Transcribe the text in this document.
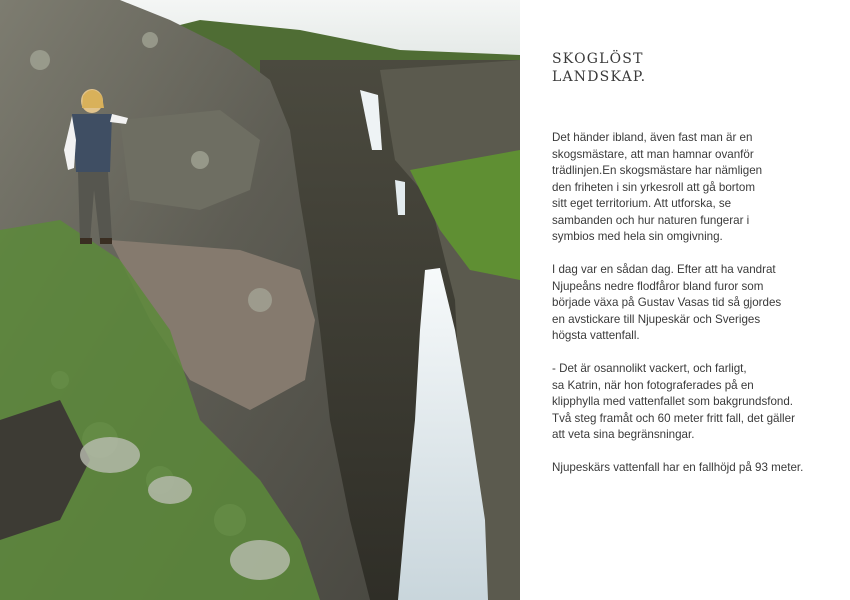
SKOGLÖST
LANDSKAP.

Det händer ibland, även fast man är en
skogsmästare, att man hamnar ovanför
trädlinjen.En skogsmästare har nämligen
den friheten i sin yrkesroll att gå bortom
sitt eget territorium. Att utforska, se
sambanden och hur naturen fungerar i
symbios med hela sin omgivning.

I dag var en sådan dag. Efter att ha vandrat
Njupeåns nedre flodfåror bland furor som
började växa på Gustav Vasas tid så gjordes
en avstickare till Njupeskär och Sveriges
högsta vattenfall.

- Det är osannolikt vackert, och farligt,
sa Katrin, när hon fotograferades på en
klipphylla med vattenfallet som bakgrundsfond.
Två steg framåt och 60 meter fritt fall, det gäller
att veta sina begränsningar.

Njupeskärs vattenfall har en fallhöjd på 93 meter.
